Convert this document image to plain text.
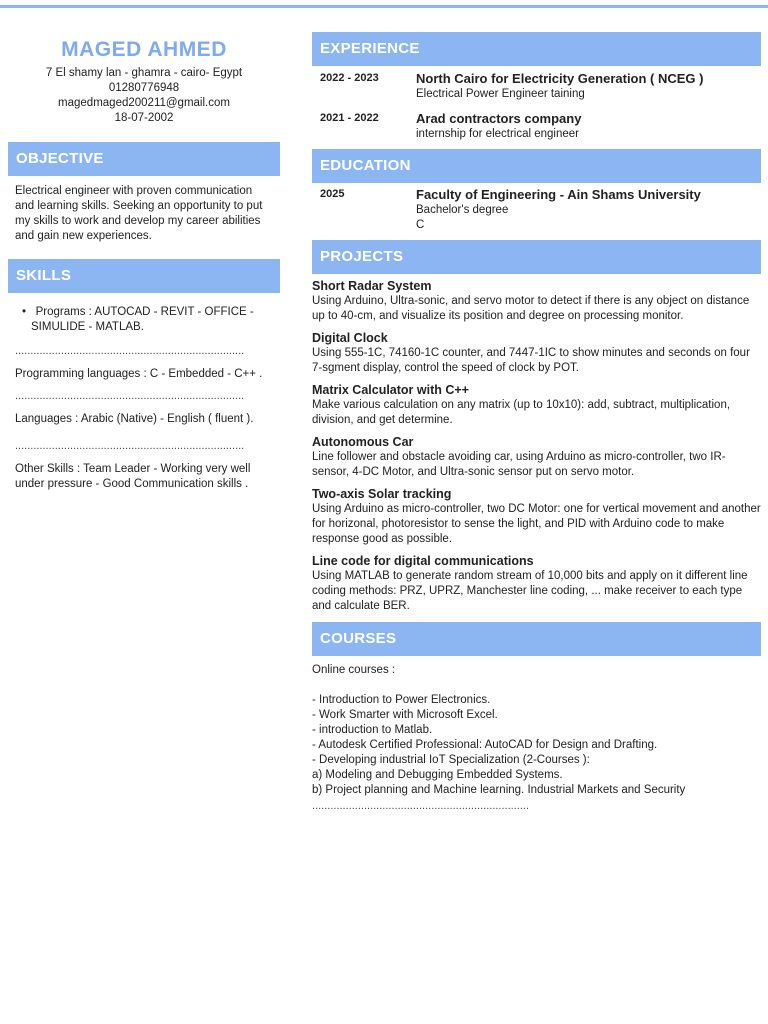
MAGED AHMED
7 El shamy lan - ghamra - cairo- Egypt
01280776948
magedmaged200211@gmail.com
18-07-2002
OBJECTIVE
Electrical engineer with proven communication and learning skills. Seeking an opportunity to put my skills to work and develop my career abilities and gain new experiences.
SKILLS
•   Programs : AUTOCAD - REVIT - OFFICE - SIMULIDE - MATLAB.
...........................................................................
Programming languages : C - Embedded - C++ .
...........................................................................
Languages : Arabic (Native) - English ( fluent ).
...........................................................................
Other Skills : Team Leader - Working very well under pressure - Good Communication skills .
EXPERIENCE
2022 - 2023	North Cairo for Electricity Generation ( NCEG )
Electrical Power Engineer taining
2021 - 2022	Arad contractors company
internship for electrical engineer
EDUCATION
2025	Faculty of Engineering - Ain Shams University
Bachelor's degree
C
PROJECTS
Short Radar System
Using Arduino, Ultra-sonic, and servo motor to detect if there is any object on distance up to 40-cm, and visualize its position and degree on processing monitor.
Digital Clock
Using 555-1C, 74160-1C counter, and 7447-1IC to show minutes and seconds on four 7-sgment display, control the speed of clock by POT.
Matrix Calculator with C++
Make various calculation on any matrix (up to 10x10): add, subtract, multiplication, division, and get determine.
Autonomous Car
Line follower and obstacle avoiding car, using Arduino as micro-controller, two IR-sensor, 4-DC Motor, and Ultra-sonic sensor put on servo motor.
Two-axis Solar tracking
Using Arduino as micro-controller, two DC Motor: one for vertical movement and another for horizonal, photoresistor to sense the light, and PID with Arduino code to make response good as possible.
Line code for digital communications
Using MATLAB to generate random stream of 10,000 bits and apply on it different line coding methods: PRZ, UPRZ, Manchester line coding, ... make receiver to each type and calculate BER.
COURSES
Online courses :
- Introduction to Power Electronics.
- Work Smarter with Microsoft Excel.
- introduction to Matlab.
- Autodesk Certified Professional: AutoCAD for Design and Drafting.
- Developing industrial IoT Specialization (2-Courses ):
a) Modeling and Debugging Embedded Systems.
b) Project planning and Machine learning. Industrial Markets and Security
.......................................................................
